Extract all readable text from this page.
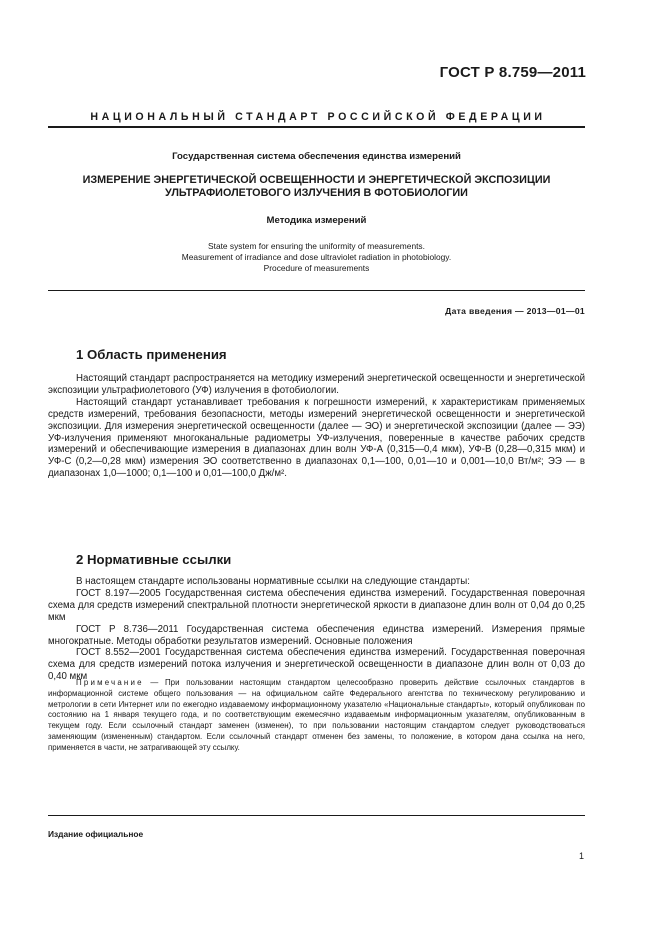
ГОСТ Р 8.759—2011
НАЦИОНАЛЬНЫЙ СТАНДАРТ РОССИЙСКОЙ ФЕДЕРАЦИИ
Государственная система обеспечения единства измерений
ИЗМЕРЕНИЕ ЭНЕРГЕТИЧЕСКОЙ ОСВЕЩЕННОСТИ И ЭНЕРГЕТИЧЕСКОЙ ЭКСПОЗИЦИИ
УЛЬТРАФИОЛЕТОВОГО ИЗЛУЧЕНИЯ В ФОТОБИОЛОГИИ
Методика измерений
State system for ensuring the uniformity of measurements.
Measurement of irradiance and dose ultraviolet radiation in photobiology.
Procedure of measurements
Дата введения — 2013—01—01
1 Область применения

Настоящий стандарт распространяется на методику измерений энергетической освещенности и энергетической экспозиции ультрафиолетового (УФ) излучения в фотобиологии.

Настоящий стандарт устанавливает требования к погрешности измерений, к характеристикам применяемых средств измерений, требования безопасности, методы измерений энергетической освещенности и энергетической экспозиции. Для измерения энергетической освещенности (далее — ЭО) и энергетической экспозиции (далее — ЭЭ) УФ-излучения применяют многоканальные радиометры УФ-излучения, поверенные в качестве рабочих средств измерений и обеспечивающие измерения в диапазонах длин волн УФ-А (0,315—0,4 мкм), УФ-В (0,28—0,315 мкм) и УФ-С (0,2—0,28 мкм) измерения ЭО соответственно в диапазонах 0,1—100, 0,01—10 и 0,001—10,0 Вт/м²; ЭЭ — в диапазонах 1,0—1000; 0,1—100 и 0,01—100,0 Дж/м².

2 Нормативные ссылки

В настоящем стандарте использованы нормативные ссылки на следующие стандарты:

ГОСТ 8.197—2005 Государственная система обеспечения единства измерений. Государственная поверочная схема для средств измерений спектральной плотности энергетической яркости в диапазоне длин волн от 0,04 до 0,25 мкм

ГОСТ Р 8.736—2011 Государственная система обеспечения единства измерений. Измерения прямые многократные. Методы обработки результатов измерений. Основные положения

ГОСТ 8.552—2001 Государственная система обеспечения единства измерений. Государственная поверочная схема для средств измерений потока излучения и энергетической освещенности в диапазоне длин волн от 0,03 до 0,40 мкм

Примечание — При пользовании настоящим стандартом целесообразно проверить действие ссылочных стандартов в информационной системе общего пользования — на официальном сайте Федерального агентства по техническому регулированию и метрологии в сети Интернет или по ежегодно издаваемому информационному указателю «Национальные стандарты», который опубликован по состоянию на 1 января текущего года, и по соответствующим ежемесячно издаваемым информационным указателям, опубликованным в текущем году. Если ссылочный стандарт заменен (изменен), то при пользовании настоящим стандартом следует руководствоваться заменяющим (измененным) стандартом. Если ссылочный стандарт отменен без замены, то положение, в котором дана ссылка на него, применяется в части, не затрагивающей эту ссылку.
Издание официальное
1
